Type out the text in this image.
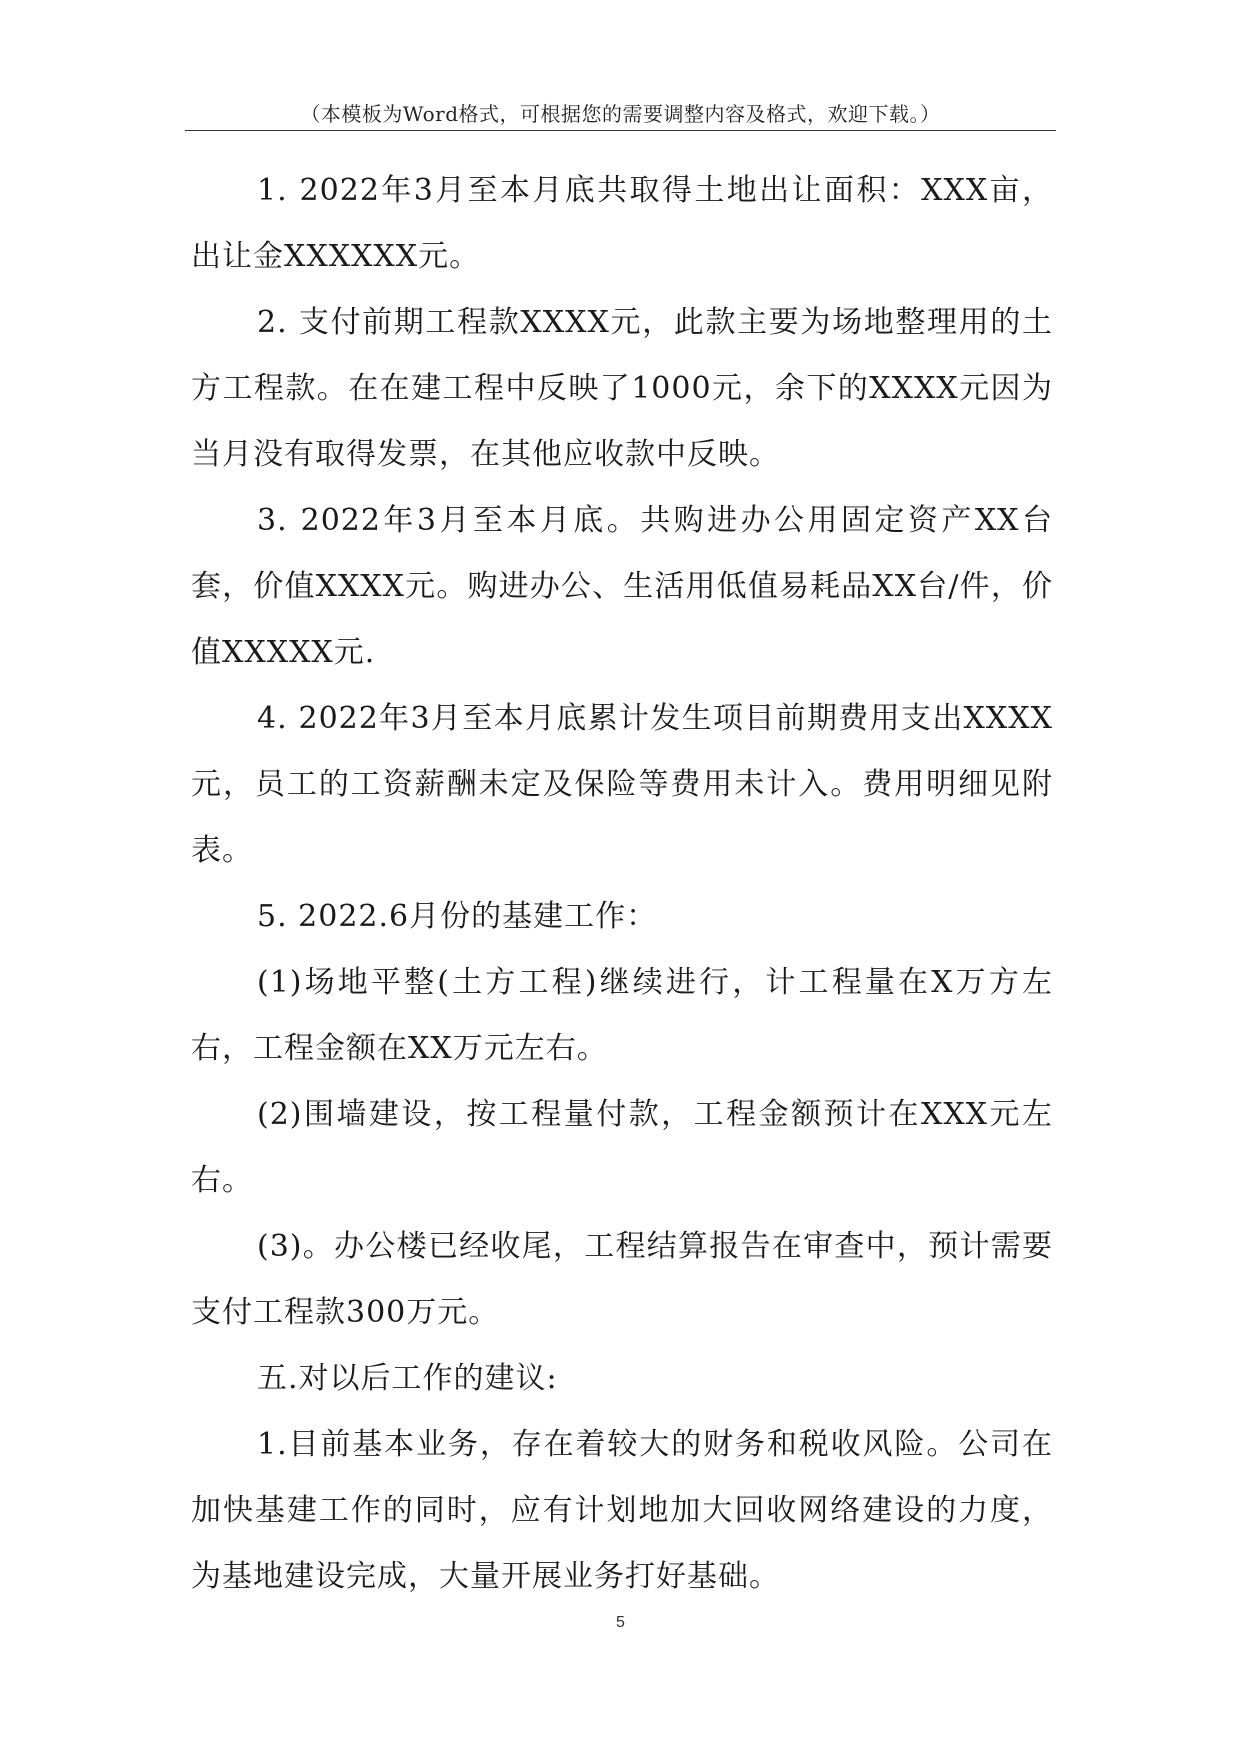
（本模板为Word格式，可根据您的需要调整内容及格式，欢迎下载。）

1. 2022年3月至本月底共取得土地出让面积：XXX亩，出让金XXXXXX元。

2. 支付前期工程款XXXX元，此款主要为场地整理用的土方工程款。在在建工程中反映了1000元，余下的XXXX元因为当月没有取得发票，在其他应收款中反映。

3. 2022年3月至本月底。共购进办公用固定资产XX台套，价值XXXX元。购进办公、生活用低值易耗品XX台/件，价值XXXXX元.

4. 2022年3月至本月底累计发生项目前期费用支出XXXX元，员工的工资薪酬未定及保险等费用未计入。费用明细见附表。

5. 2022.6月份的基建工作：

(1)场地平整(土方工程)继续进行，计工程量在X万方左右，工程金额在XX万元左右。

(2)围墙建设，按工程量付款，工程金额预计在XXX元左右。

(3)。办公楼已经收尾，工程结算报告在审查中，预计需要支付工程款300万元。

五.对以后工作的建议:

1.目前基本业务，存在着较大的财务和税收风险。公司在加快基建工作的同时，应有计划地加大回收网络建设的力度，为基地建设完成，大量开展业务打好基础。

5
